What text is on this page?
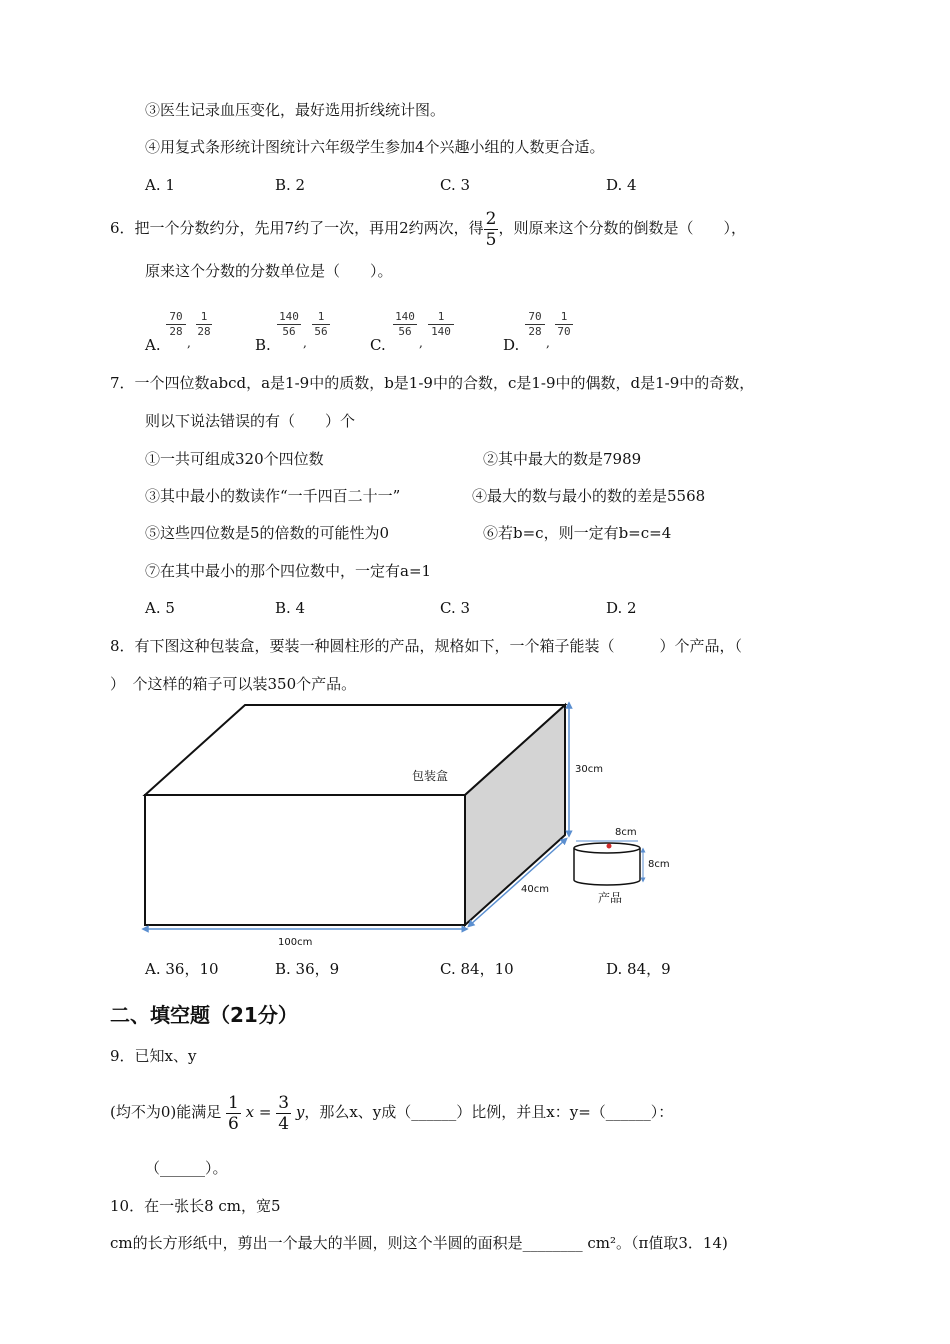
③医生记录血压变化，最好选用折线统计图。
④用复式条形统计图统计六年级学生参加4个兴趣小组的人数更合适。
A. 1	B. 2	C. 3	D. 4
6．把一个分数约分，先用7约了一次，再用2约两次，得 $\frac{2}{5}$ ，则原来这个分数的倒数是（　　），
原来这个分数的分数单位是（　　）。
A.
70
28
,
1
28
B.
140
56
,
1
56
C.
140
56
,
1
140
D.
70
28
,
1
70
7．一个四位数abcd，a是1-9中的质数，b是1-9中的合数，c是1-9中的偶数，d是1-9中的奇数，
则以下说法错误的有（　　）个
①一共可组成320个四位数	②其中最大的数是7989
③其中最小的数读作“一千四百二十一”	④最大的数与最小的数的差是5568
⑤这些四位数是5的倍数的可能性为0	⑥若b=c，则一定有b=c=4
⑦在其中最小的那个四位数中，一定有a=1
A. 5	B. 4	C. 3	D. 2
8．有下图这种包装盒，要装一种圆柱形的产品，规格如下，一个箱子能装（　　　）个产品，（
）　个这样的箱子可以装350个产品。
包装盒	30cm
40cm
100cm
8cm
8cm
产品
A. 36，10	B. 36，9	C. 84，10	D. 84，9
二、填空题（21分）
9．已知x、y
(均不为0)能满足 $\frac{1}{6}$ $x = \frac{3}{4}$ y，那么x、y成（______）比例，并且x：y=（______）：
（______）。
10．在一张长8 cm，宽5
cm的长方形纸中，剪出一个最大的半圆，则这个半圆的面积是________ cm²。（π值取3．14)
